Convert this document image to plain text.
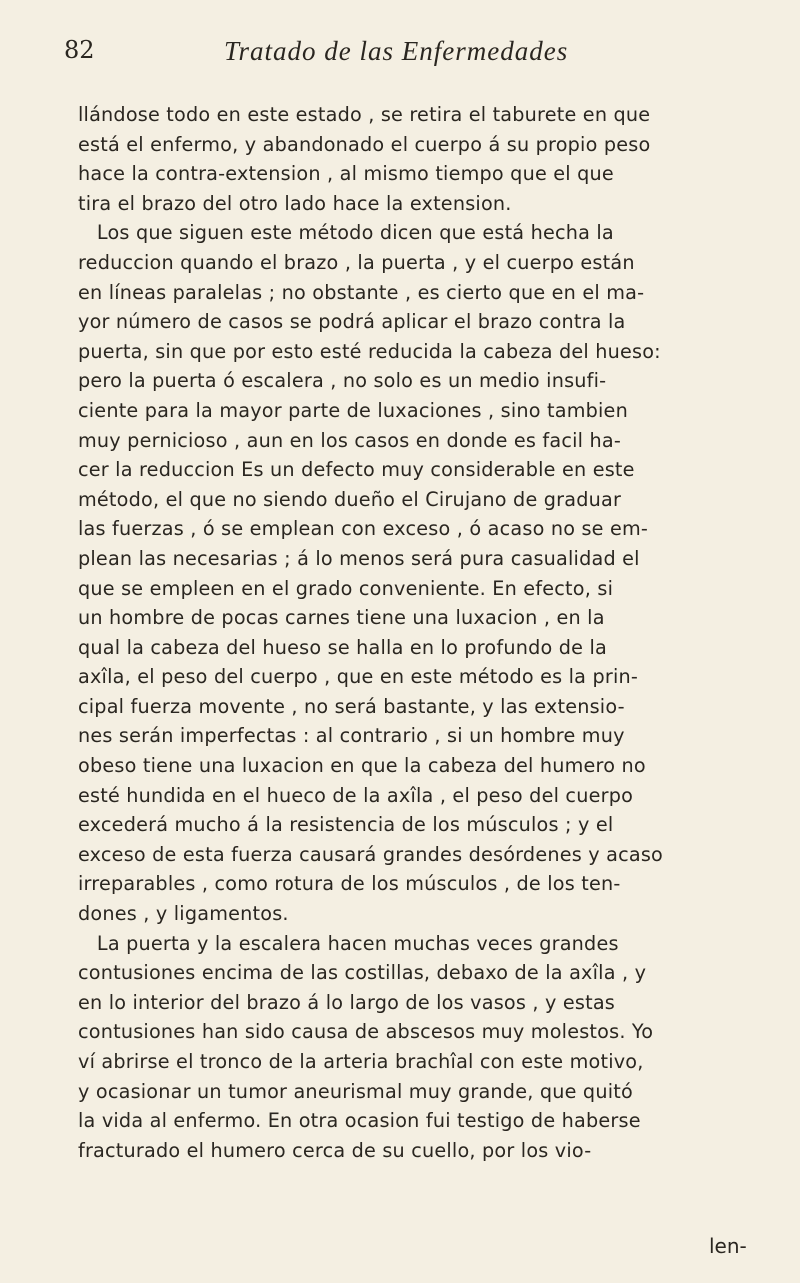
82	Tratado de las Enfermedades
llándose todo en este estado , se retira el taburete en que
está el enfermo, y abandonado el cuerpo á su propio peso
hace la contra-extension , al mismo tiempo que el que
tira el brazo del otro lado hace la extension.
Los que siguen este método dicen que está hecha la
reduccion quando el brazo , la puerta , y el cuerpo están
en líneas paralelas ; no obstante , es cierto que en el ma-
yor número de casos se podrá aplicar el brazo contra la
puerta, sin que por esto esté reducida la cabeza del hueso:
pero la puerta ó escalera , no solo es un medio insufi-
ciente para la mayor parte de luxaciones , sino tambien
muy pernicioso , aun en los casos en donde es facil ha-
cer la reduccion Es un defecto muy considerable en este
método, el que no siendo dueño el Cirujano de graduar
las fuerzas , ó se emplean con exceso , ó acaso no se em-
plean las necesarias ; á lo menos será pura casualidad el
que se empleen en el grado conveniente. En efecto, si
un hombre de pocas carnes tiene una luxacion , en la
qual la cabeza del hueso se halla en lo profundo de la
axîla, el peso del cuerpo , que en este método es la prin-
cipal fuerza movente , no será bastante, y las extensio-
nes serán imperfectas : al contrario , si un hombre muy
obeso tiene una luxacion en que la cabeza del humero no
esté hundida en el hueco de la axîla , el peso del cuerpo
excederá mucho á la resistencia de los músculos ; y el
exceso de esta fuerza causará grandes desórdenes y acaso
irreparables , como rotura de los músculos , de los ten-
dones , y ligamentos.
La puerta y la escalera hacen muchas veces grandes
contusiones encima de las costillas, debaxo de la axîla , y
en lo interior del brazo á lo largo de los vasos , y estas
contusiones han sido causa de abscesos muy molestos. Yo
ví abrirse el tronco de la arteria brachîal con este motivo,
y ocasionar un tumor aneurismal muy grande, que quitó
la vida al enfermo. En otra ocasion fui testigo de haberse
fracturado el humero cerca de su cuello, por los vio-
len-
